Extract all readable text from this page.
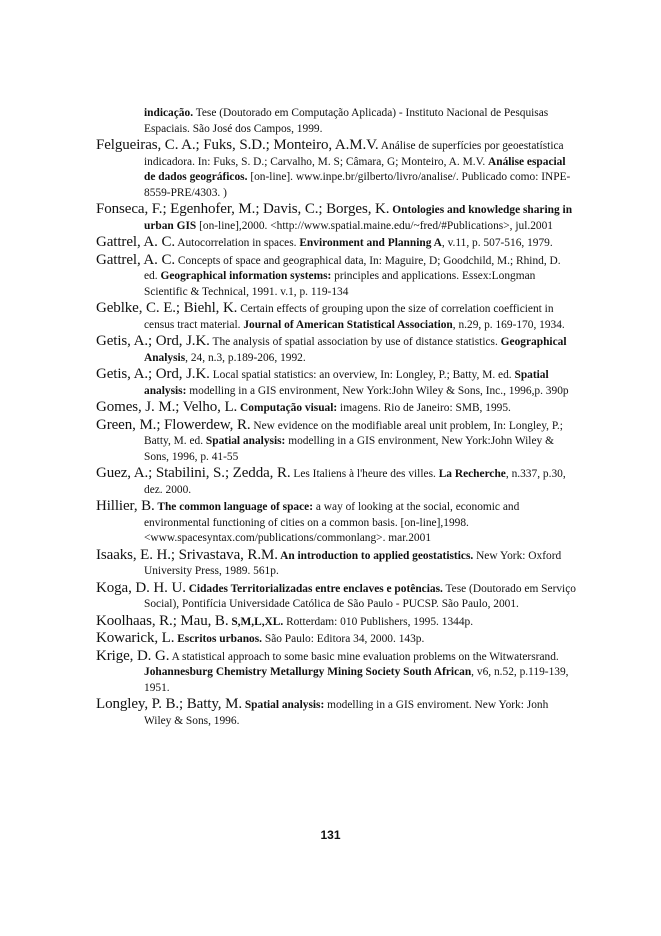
indicação. Tese (Doutorado em Computação Aplicada) - Instituto Nacional de Pesquisas Espaciais. São José dos Campos, 1999.

Felgueiras, C. A.; Fuks, S.D.; Monteiro, A.M.V. Análise de superfícies por geoestatística indicadora. In: Fuks, S. D.; Carvalho, M. S; Câmara, G; Monteiro, A. M.V. Análise espacial de dados geográficos. [on-line]. www.inpe.br/gilberto/livro/analise/. Publicado como: INPE-8559-PRE/4303. )

Fonseca, F.; Egenhofer, M.; Davis, C.; Borges, K. Ontologies and knowledge sharing in urban GIS [on-line],2000. <http://www.spatial.maine.edu/~fred/#Publications>, jul.2001

Gattrel, A. C. Autocorrelation in spaces. Environment and Planning A, v.11, p. 507-516, 1979.

Gattrel, A. C. Concepts of space and geographical data, In: Maguire, D; Goodchild, M.; Rhind, D. ed. Geographical information systems: principles and applications. Essex:Longman Scientific & Technical, 1991. v.1, p. 119-134

Geblke, C. E.; Biehl, K. Certain effects of grouping upon the size of correlation coefficient in census tract material. Journal of American Statistical Association, n.29, p. 169-170, 1934.

Getis, A.; Ord, J.K. The analysis of spatial association by use of distance statistics. Geographical Analysis, 24, n.3, p.189-206, 1992.

Getis, A.; Ord, J.K. Local spatial statistics: an overview, In: Longley, P.; Batty, M. ed. Spatial analysis: modelling in a GIS environment, New York:John Wiley & Sons, Inc., 1996,p. 390p

Gomes, J. M.; Velho, L. Computação visual: imagens. Rio de Janeiro: SMB, 1995.

Green, M.; Flowerdew, R. New evidence on the modifiable areal unit problem, In: Longley, P.; Batty, M. ed. Spatial analysis: modelling in a GIS environment, New York:John Wiley & Sons, 1996, p. 41-55

Guez, A.; Stabilini, S.; Zedda, R. Les Italiens à l'heure des villes. La Recherche, n.337, p.30, dez. 2000.

Hillier, B. The common language of space: a way of looking at the social, economic and environmental functioning of cities on a common basis. [on-line],1998. <www.spacesyntax.com/publications/commonlang>. mar.2001

Isaaks, E. H.; Srivastava, R.M. An introduction to applied geostatistics. New York: Oxford University Press, 1989. 561p.

Koga, D. H. U. Cidades Territorializadas entre enclaves e potências. Tese (Doutorado em Serviço Social), Pontifícia Universidade Católica de São Paulo - PUCSP. São Paulo, 2001.

Koolhaas, R.; Mau, B. S,M,L,XL. Rotterdam: 010 Publishers, 1995. 1344p.

Kowarick, L. Escritos urbanos. São Paulo: Editora 34, 2000. 143p.

Krige, D. G. A statistical approach to some basic mine evaluation problems on the Witwatersrand. Johannesburg Chemistry Metallurgy Mining Society South African, v6, n.52, p.119-139, 1951.

Longley, P. B.; Batty, M. Spatial analysis: modelling in a GIS enviroment. New York: Jonh Wiley & Sons, 1996.

131
